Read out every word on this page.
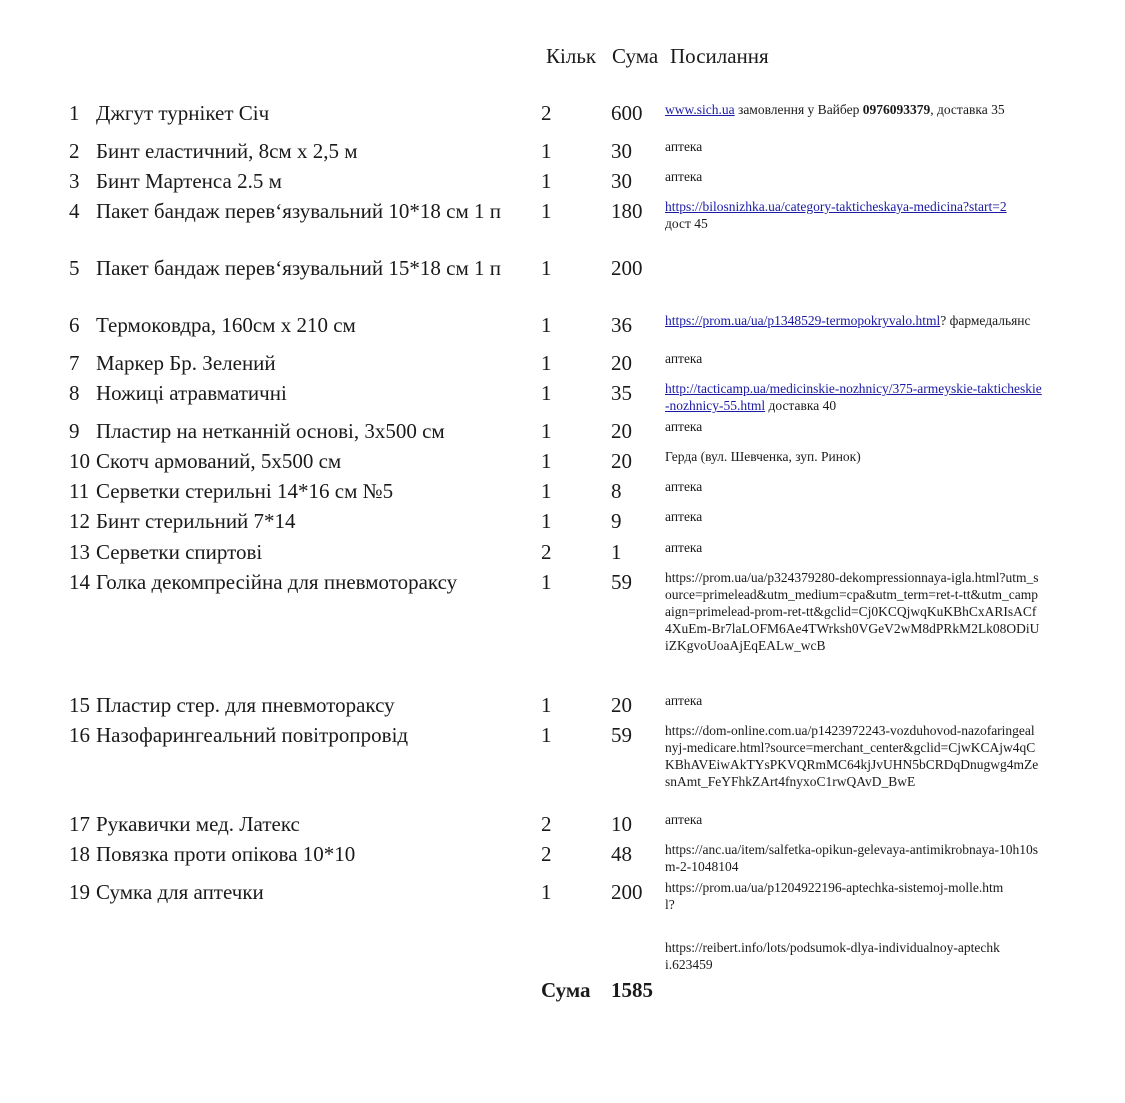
Кільк Сума Посилання
1 Джгут турнікет Січ	2	600 www.sich.ua замовлення у Вайбер 0976093379, доставка 35
2 Бинт еластичний, 8см х 2,5 м	1	30 аптека
3 Бинт Мартенса 2.5 м	1	30 аптека
4 Пакет бандаж перев‘язувальний 10*18 см 1 п	1	180 https://bilosnizhka.ua/category-takticheskaya-medicina?start=2
дост 45
5 Пакет бандаж перев‘язувальний 15*18 см 1 п	1	200
6 Термоковдра, 160см х 210 см	1	36 https://prom.ua/ua/p1348529-termopokryvalo.html? фармедальянс
7 Маркер Бр. Зелений	1	20 аптека
8 Ножиці атравматичні	1	35 http://tacticamp.ua/medicinskie-nozhnicy/375-armeyskie-takticheskie-nozhnicy-55.html доставка 40
9 Пластир на нетканній основі, 3х500 см	1	20 аптека
10 Скотч армований, 5х500 см	1	20 Герда (вул. Шевченка, зуп. Ринок)
11 Серветки стерильні 14*16 см №5	1	8	аптека
12 Бинт стерильний 7*14	1	9	аптека
13 Серветки спиртові	2	1	аптека
14 Голка декомпресійна для пневмотораксу	1	59 https://prom.ua/ua/p324379280-dekompressionnaya-igla.html?utm_source=primelead&utm_medium=cpa&utm_term=ret-t-tt&utm_campaign=primelead-prom-ret-tt&gclid=Cj0KCQjwqKuKBhCxARIsACf4XuEm-Br7laLOFM6Ae4TWrksh0VGeV2wM8dPRkM2Lk08ODiUiZKgvoUoaAjEqEALw_wcB
15 Пластир стер. для пневмотораксу	1	20 аптека
16 Назофарингеальний повітропровід	1	59 https://dom-online.com.ua/p1423972243-vozduhovod-nazofaringealnyj-medicare.html?source=merchant_center&gclid=CjwKCAjw4qCKBhAVEiwAkTYsPKVQRmMC64kjJvUHN5bCRDqDnugwg4mZesnAmt_FeYFhkZArt4fnyxoC1rwQAvD_BwE
17 Рукавички мед. Латекс	2	10 аптека
18 Повязка проти опікова 10*10	2	48 https://anc.ua/item/salfetka-opikun-gelevaya-antimikrobnaya-10h10sm-2-1048104
19 Сумка для аптечки	1	200 https://prom.ua/ua/p1204922196-aptechka-sistemoj-molle.html?
https://reibert.info/lots/podsumok-dlya-individualnoy-aptechki.623459
Сума 1585
